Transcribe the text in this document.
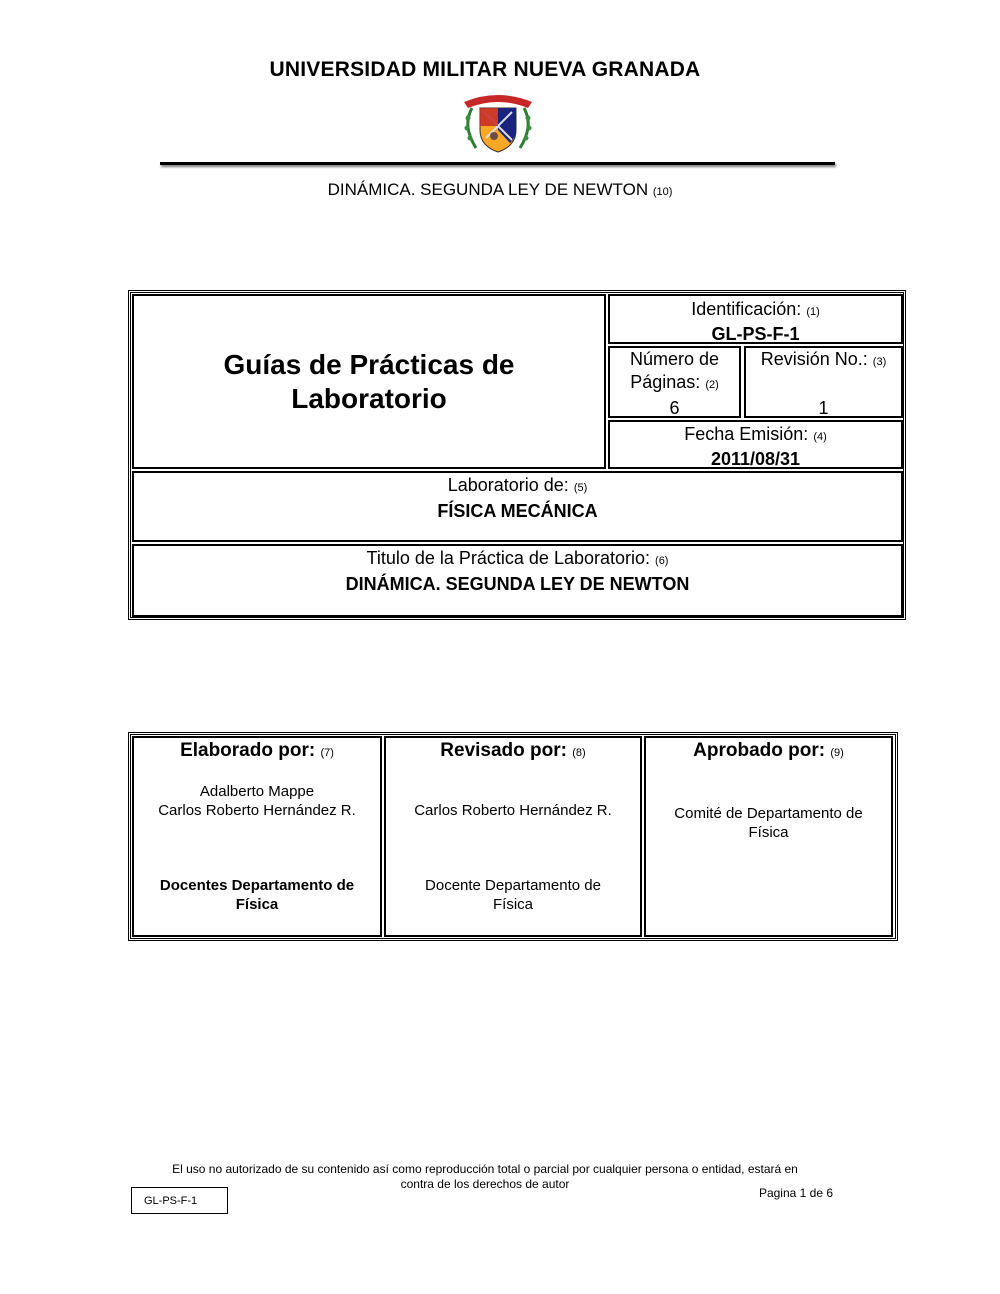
UNIVERSIDAD MILITAR NUEVA GRANADA
DINÁMICA. SEGUNDA LEY DE NEWTON (10)
Guías de Prácticas de
Laboratorio
Identificación: (1)
GL-PS-F-1
Número de
Páginas: (2)
6
Revisión No.: (3)

1
Fecha Emisión: (4)
2011/08/31
Laboratorio de: (5)
FÍSICA MECÁNICA
Titulo de la Práctica de Laboratorio: (6)
DINÁMICA. SEGUNDA LEY DE NEWTON
Elaborado por: (7)
Adalberto Mappe
Carlos Roberto Hernández R.
Docentes Departamento de
Física
Revisado por: (8)
Carlos Roberto Hernández R.
Docente Departamento de
Física
Aprobado por: (9)
Comité de Departamento de
Física
El uso no autorizado de su contenido así como reproducción total o parcial por cualquier persona o entidad, estará en
contra de los derechos de autor
GL-PS-F-1
Pagina 1 de 6
